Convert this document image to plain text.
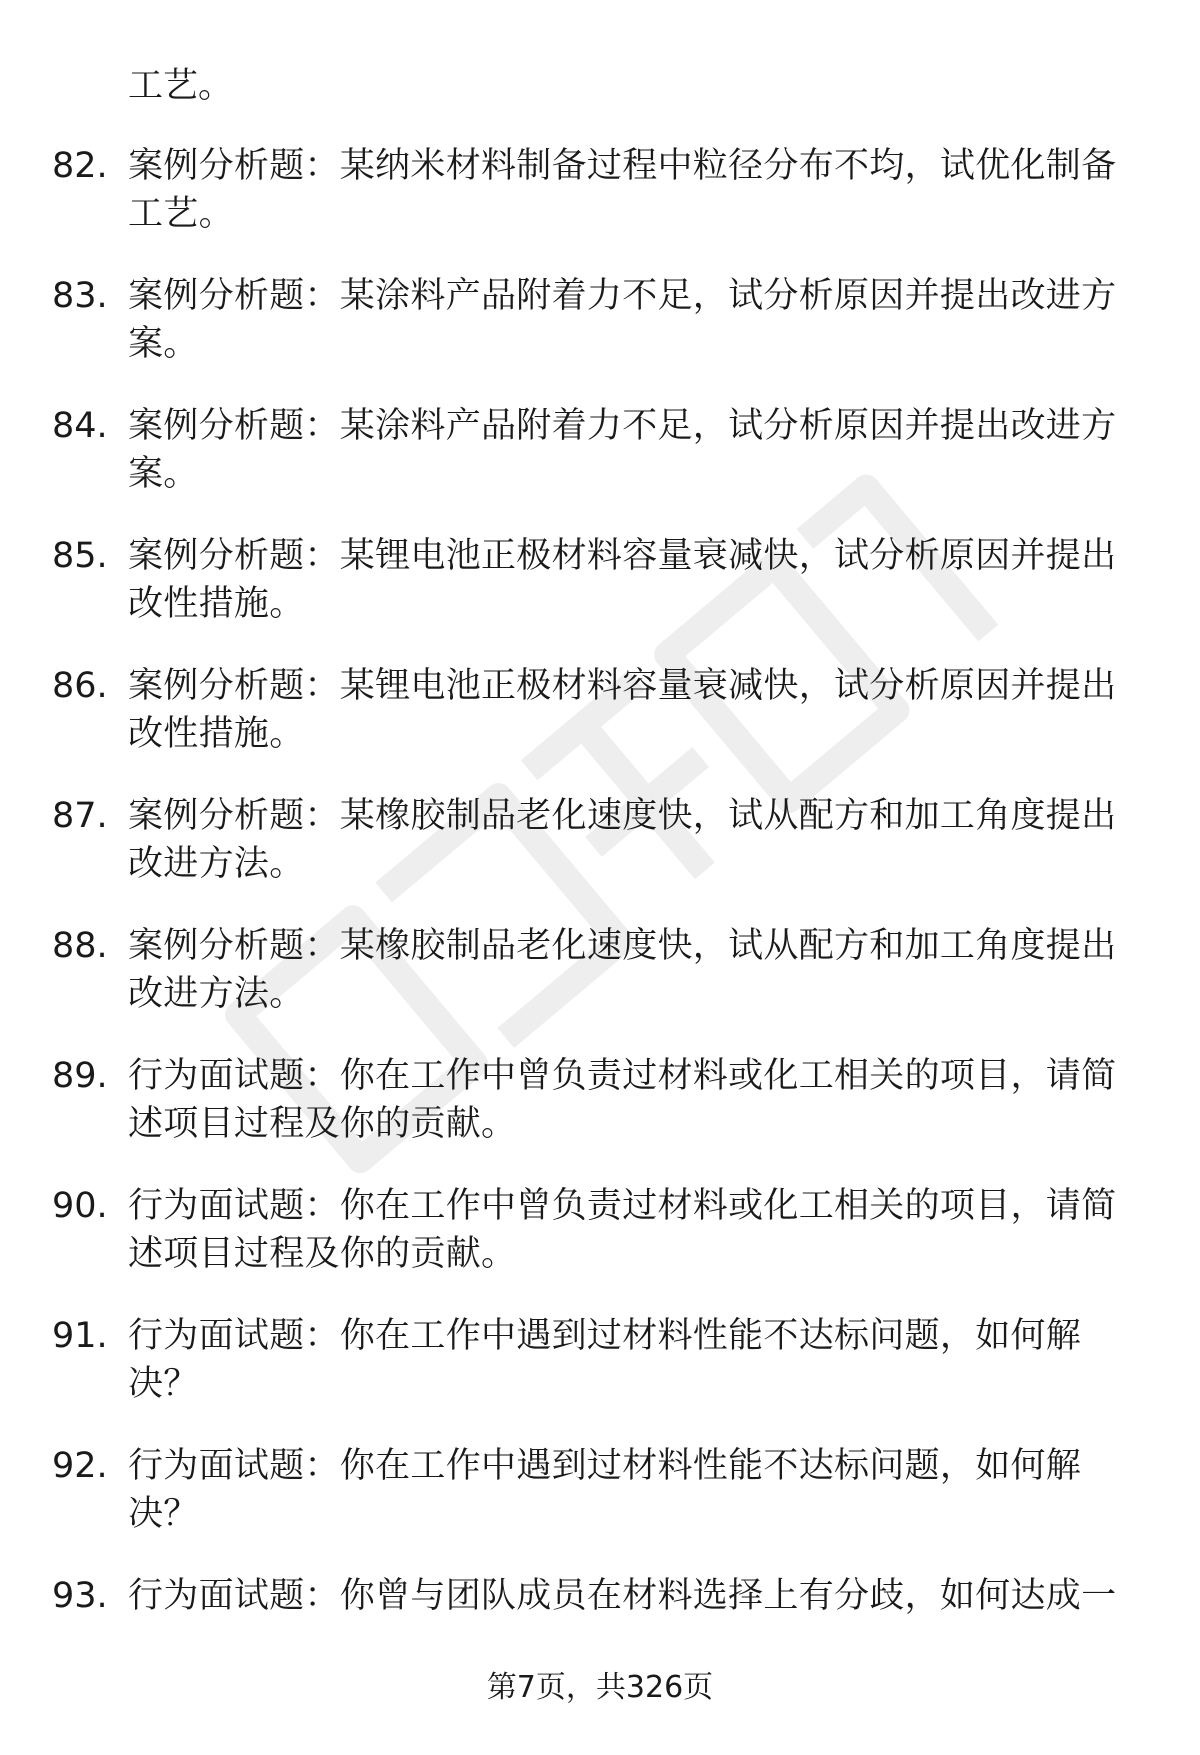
工艺。

82. 案例分析题：某纳米材料制备过程中粒径分布不均，试优化制备工艺。
83. 案例分析题：某涂料产品附着力不足，试分析原因并提出改进方案。
84. 案例分析题：某涂料产品附着力不足，试分析原因并提出改进方案。
85. 案例分析题：某锂电池正极材料容量衰减快，试分析原因并提出改性措施。
86. 案例分析题：某锂电池正极材料容量衰减快，试分析原因并提出改性措施。
87. 案例分析题：某橡胶制品老化速度快，试从配方和加工角度提出改进方法。
88. 案例分析题：某橡胶制品老化速度快，试从配方和加工角度提出改进方法。
89. 行为面试题：你在工作中曾负责过材料或化工相关的项目，请简述项目过程及你的贡献。
90. 行为面试题：你在工作中曾负责过材料或化工相关的项目，请简述项目过程及你的贡献。
91. 行为面试题：你在工作中遇到过材料性能不达标问题，如何解决？
92. 行为面试题：你在工作中遇到过材料性能不达标问题，如何解决？
93. 行为面试题：你曾与团队成员在材料选择上有分歧，如何达成一
第7页，共326页
